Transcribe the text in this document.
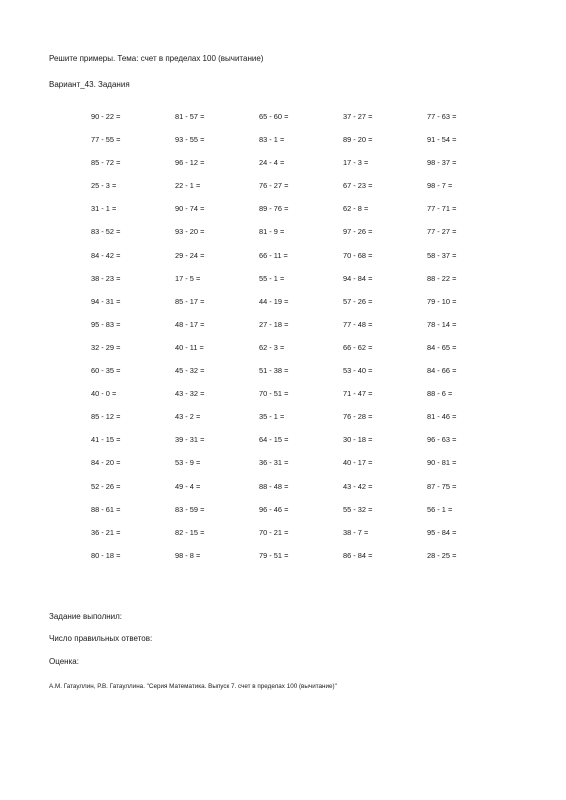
Решите примеры. Тема: счет в пределах 100 (вычитание)
Вариант_43. Задания
90 - 22 =	81 - 57 =	65 - 60 =	37 - 27 =	77 - 63 =
77 - 55 =	93 - 55 =	83 - 1 =	89 - 20 =	91 - 54 =
85 - 72 =	96 - 12 =	24 - 4 =	17 - 3 =	98 - 37 =
25 - 3 =	22 - 1 =	76 - 27 =	67 - 23 =	98 - 7 =
31 - 1 =	90 - 74 =	89 - 76 =	62 - 8 =	77 - 71 =
83 - 52 =	93 - 20 =	81 - 9 =	97 - 26 =	77 - 27 =
84 - 42 =	29 - 24 =	66 - 11 =	70 - 68 =	58 - 37 =
38 - 23 =	17 - 5 =	55 - 1 =	94 - 84 =	88 - 22 =
94 - 31 =	85 - 17 =	44 - 19 =	57 - 26 =	79 - 10 =
95 - 83 =	48 - 17 =	27 - 18 =	77 - 48 =	78 - 14 =
32 - 29 =	40 - 11 =	62 - 3 =	66 - 62 =	84 - 65 =
60 - 35 =	45 - 32 =	51 - 38 =	53 - 40 =	84 - 66 =
40 - 0 =	43 - 32 =	70 - 51 =	71 - 47 =	88 - 6 =
85 - 12 =	43 - 2 =	35 - 1 =	76 - 28 =	81 - 46 =
41 - 15 =	39 - 31 =	64 - 15 =	30 - 18 =	96 - 63 =
84 - 20 =	53 - 9 =	36 - 31 =	40 - 17 =	90 - 81 =
52 - 26 =	49 - 4 =	88 - 48 =	43 - 42 =	87 - 75 =
88 - 61 =	83 - 59 =	96 - 46 =	55 - 32 =	56 - 1 =
36 - 21 =	82 - 15 =	70 - 21 =	38 - 7 =	95 - 84 =
80 - 18 =	98 - 8 =	79 - 51 =	86 - 84 =	28 - 25 =
Задание выполнил:
Число правильных ответов:
Оценка:
А.М. Гатауллин, Р.В. Гатауллина. "Серия Математика. Выпуск 7. счет в пределах 100 (вычитание)"
